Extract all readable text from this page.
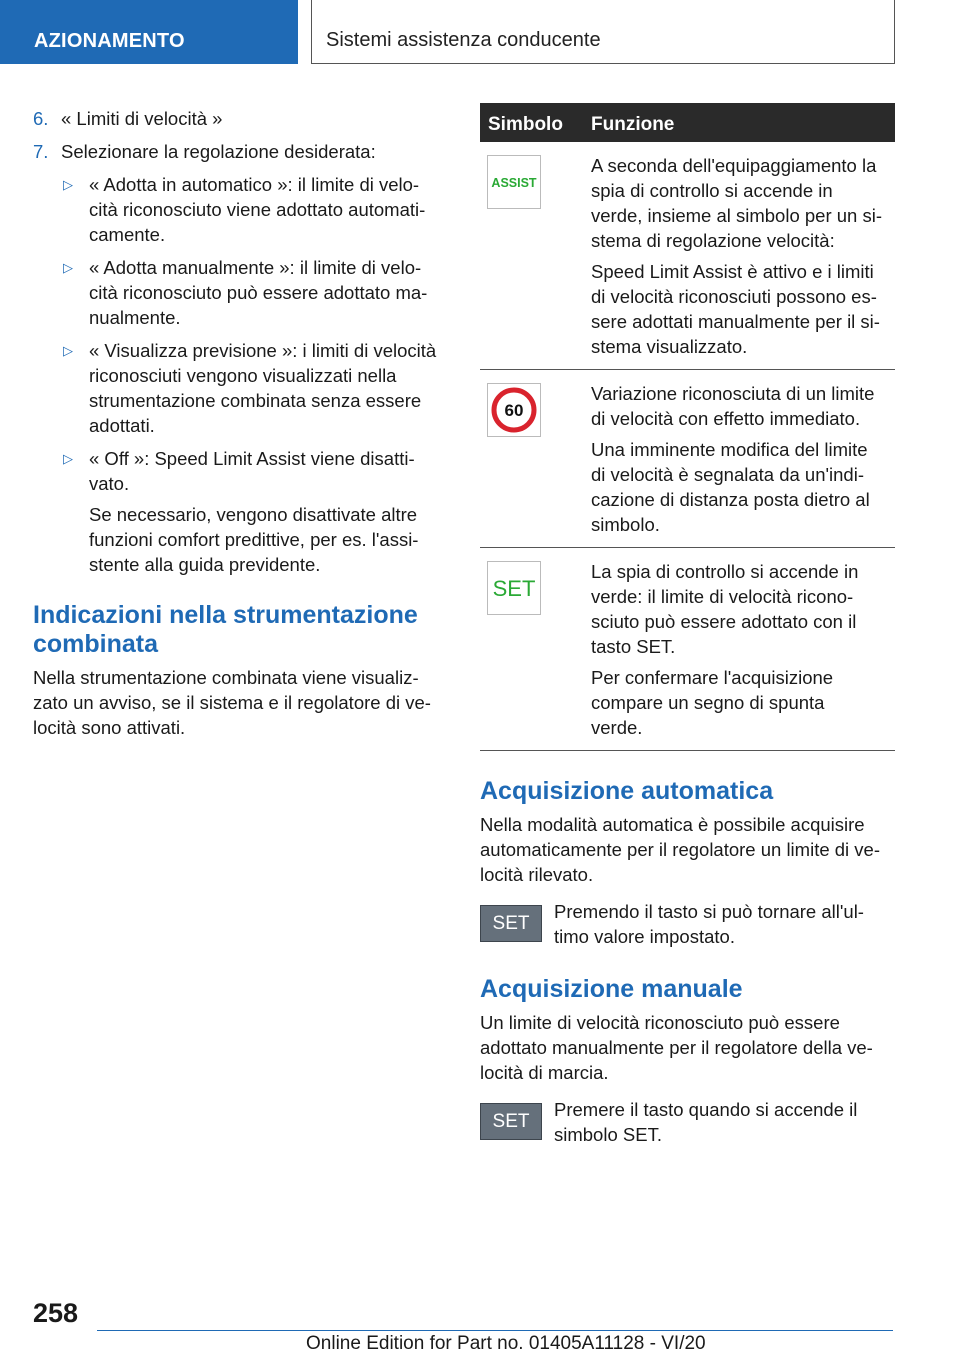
AZIONAMENTO	Sistemi assistenza conducente
6. « Limiti di velocità »
7. Selezionare la regolazione desiderata:
▷ « Adotta in automatico »: il limite di velo-
cità riconosciuto viene adottato automati-
camente.

▷ « Adotta manualmente »: il limite di velo-
cità riconosciuto può essere adottato ma-
nualmente.

▷ « Visualizza previsione »: i limiti di velocità
riconosciuti vengono visualizzati nella
strumentazione combinata senza essere
adottati.

▷ « Off »: Speed Limit Assist viene disatti-
vato.

Se necessario, vengono disattivate altre
funzioni comfort predittive, per es. l'assi-
stente alla guida previdente.

Indicazioni nella strumentazione
combinata

Nella strumentazione combinata viene visualiz-
zato un avviso, se il sistema e il regolatore di ve-
locità sono attivati.

Simbolo Funzione
ASSIST

A seconda dell'equipaggiamento la
spia di controllo si accende in
verde, insieme al simbolo per un si-
stema di regolazione velocità:

Speed Limit Assist è attivo e i limiti
di velocità riconosciuti possono es-
sere adottati manualmente per il si-
stema visualizzato.

60

Variazione riconosciuta di un limite
di velocità con effetto immediato.

Una imminente modifica del limite
di velocità è segnalata da un'indi-
cazione di distanza posta dietro al
simbolo.

SET

La spia di controllo si accende in
verde: il limite di velocità ricono-
sciuto può essere adottato con il
tasto SET.

Per confermare l'acquisizione
compare un segno di spunta
verde.

Acquisizione automatica

Nella modalità automatica è possibile acquisire
automaticamente per il regolatore un limite di ve-
locità rilevato.

SET
Premendo il tasto si può tornare all'ul-
timo valore impostato.
Acquisizione manuale

Un limite di velocità riconosciuto può essere
adottato manualmente per il regolatore della ve-
locità di marcia.

SET
Premere il tasto quando si accende il
simbolo SET.
258
Online Edition for Part no. 01405A11128 - VI/20
